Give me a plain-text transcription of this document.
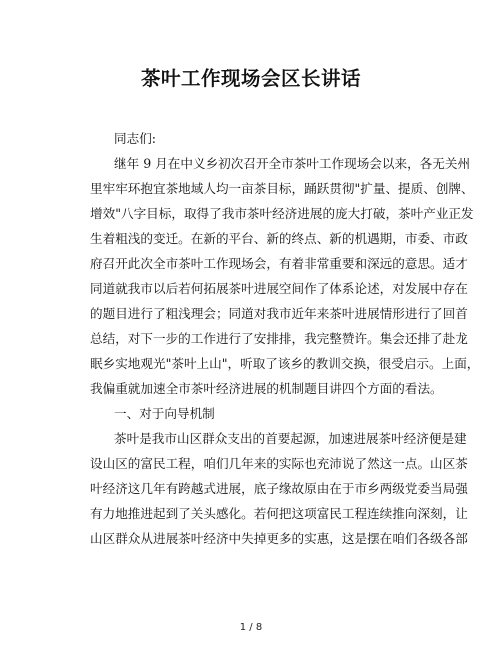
茶叶工作现场会区长讲话
同志们:
继年 9 月在中义乡初次召开全市茶叶工作现场会以来，各无关州
里牢牢环抱宜茶地域人均一亩茶目标，踊跃贯彻"扩量、提质、创牌、
增效"八字目标，取得了我市茶叶经济进展的庞大打破，茶叶产业正发
生着粗浅的变迁。在新的平台、新的终点、新的机遇期，市委、市政
府召开此次全市茶叶工作现场会，有着非常重要和深远的意思。适才
同道就我市以后若何拓展茶叶进展空间作了体系论述，对发展中存在
的题目进行了粗浅理会；同道对我市近年来茶叶进展情形进行了回首
总结，对下一步的工作进行了安排排，我完整赞许。集会还排了赴龙
眠乡实地观光"茶叶上山"，听取了该乡的教训交换，很受启示。上面，
我偏重就加速全市茶叶经济进展的机制题目讲四个方面的看法。
一、对于向导机制
茶叶是我市山区群众支出的首要起源，加速进展茶叶经济便是建
设山区的富民工程，咱们几年来的实际也充沛说了然这一点。山区茶
叶经济这几年有跨越式进展，底子缘故原由在于市乡两级党委当局强
有力地推进起到了关头感化。若何把这项富民工程连续推向深刻，让
山区群众从进展茶叶经济中失掉更多的实惠，这是摆在咱们各级各部
1 / 8
